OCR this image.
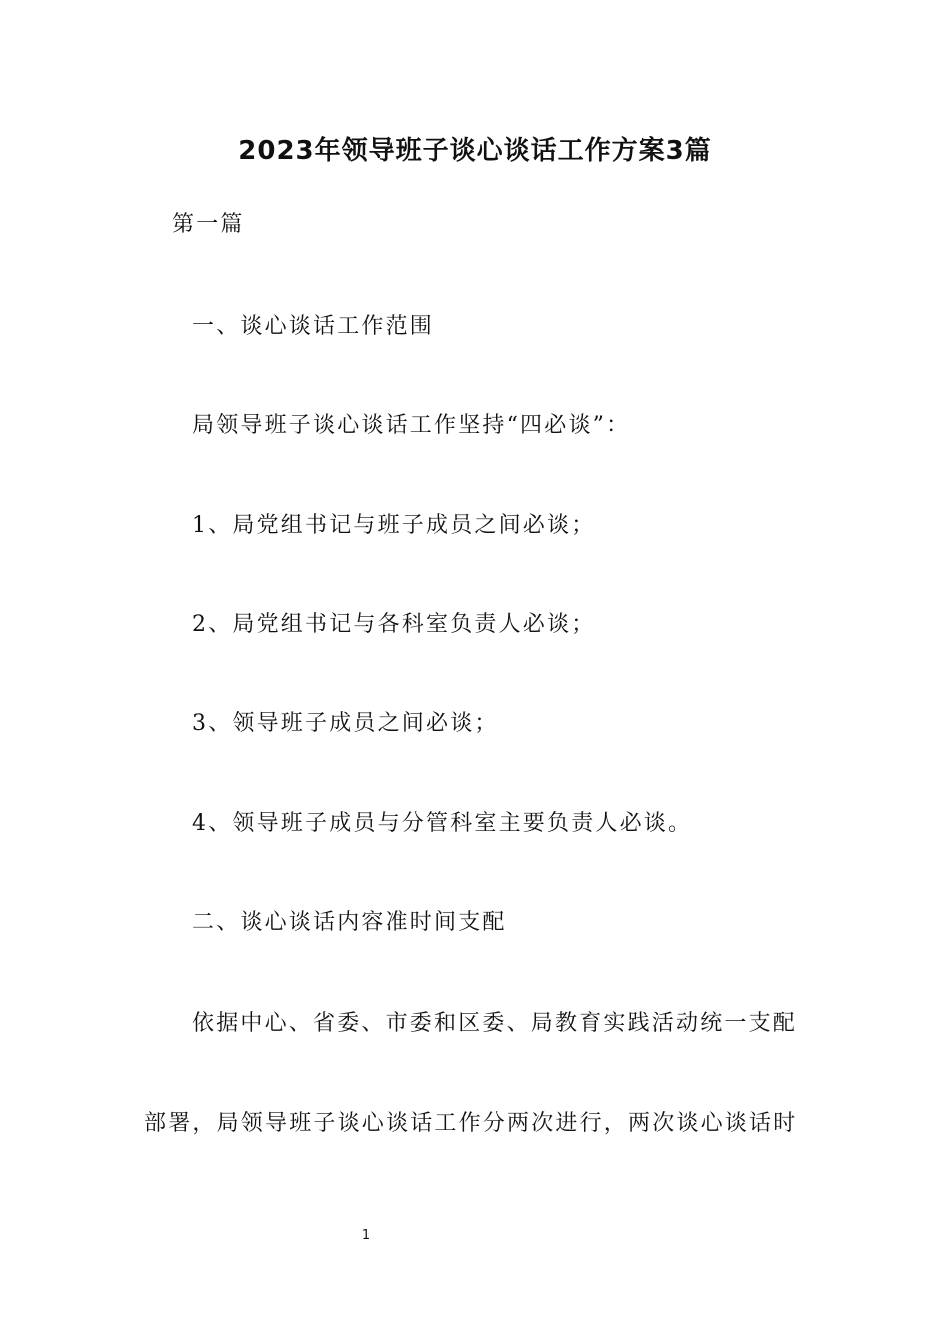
2023年领导班子谈心谈话工作方案3篇
第一篇
一、谈心谈话工作范围
局领导班子谈心谈话工作坚持“四必谈”：
1、局党组书记与班子成员之间必谈；
2、局党组书记与各科室负责人必谈；
3、领导班子成员之间必谈；
4、领导班子成员与分管科室主要负责人必谈。
二、谈心谈话内容准时间支配
依据中心、省委、市委和区委、局教育实践活动统一支配
部署，局领导班子谈心谈话工作分两次进行，两次谈心谈话时
1
